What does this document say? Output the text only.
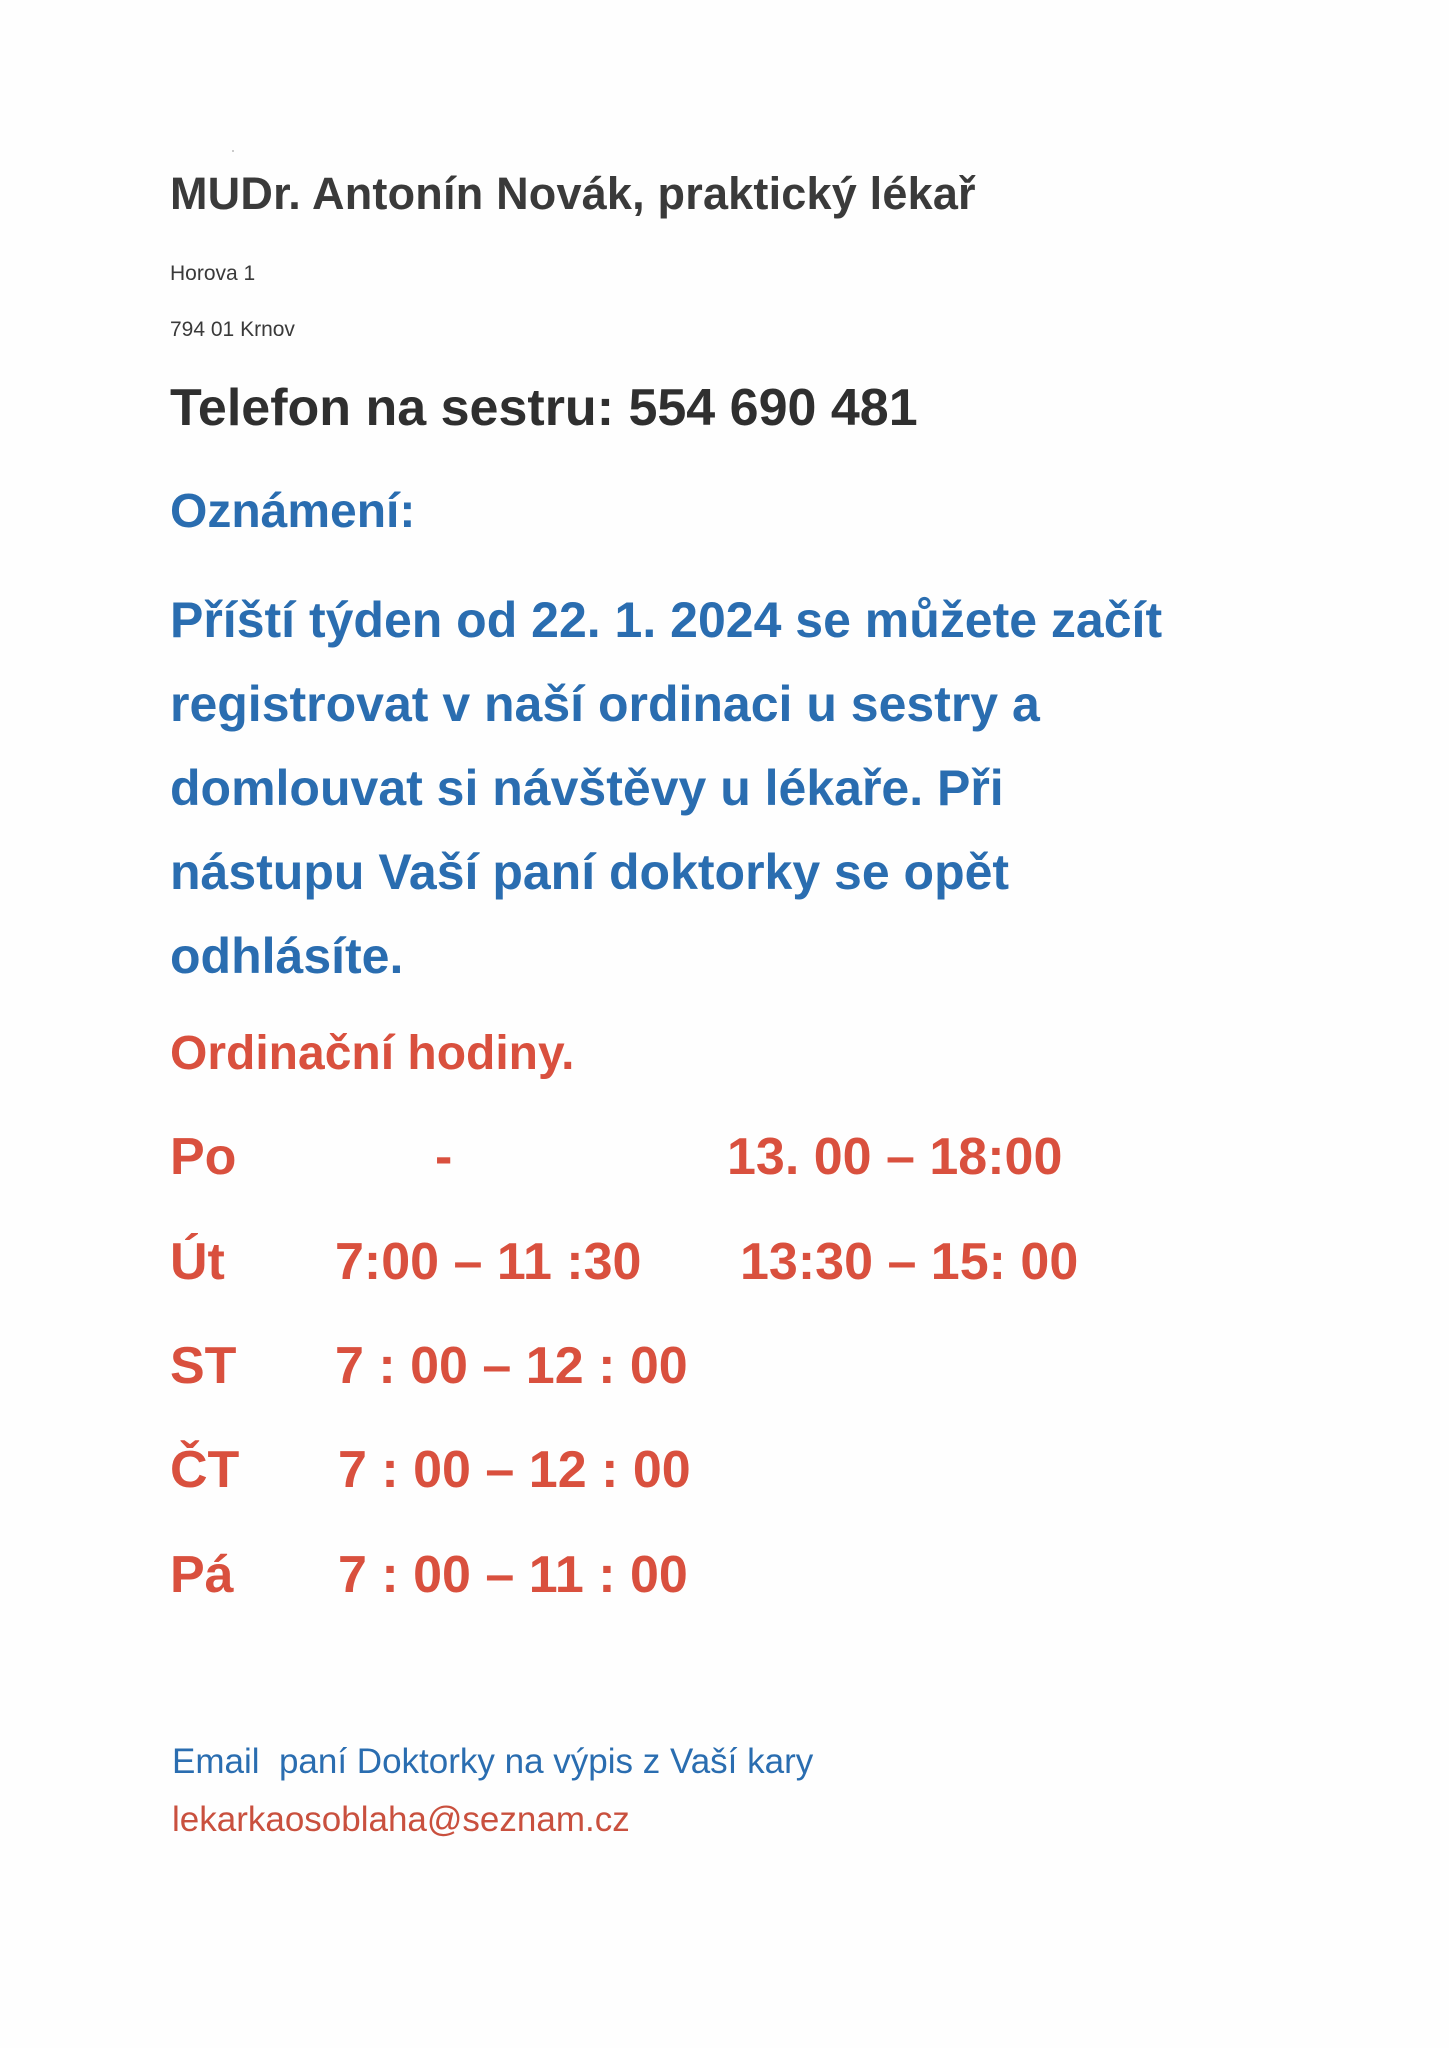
MUDr. Antonín Novák, praktický lékař
Horova 1
794 01 Krnov
Telefon na sestru: 554 690 481
Oznámení:
Příští týden od 22. 1. 2024 se můžete začít
registrovat v naší ordinaci u sestry a
domlouvat si návštěvy u lékaře. Při
nástupu Vaší paní doktorky se opět
odhlásíte.
Ordinační hodiny.
Po	-	13. 00 – 18:00
Út 7:00 – 11 :30 13:30 – 15: 00
ST 7 : 00 – 12 : 00
ČT 7 : 00 – 12 : 00
Pá 7 : 00 – 11 : 00
Email  paní Doktorky na výpis z Vaší kary
lekarkaosoblaha@seznam.cz
